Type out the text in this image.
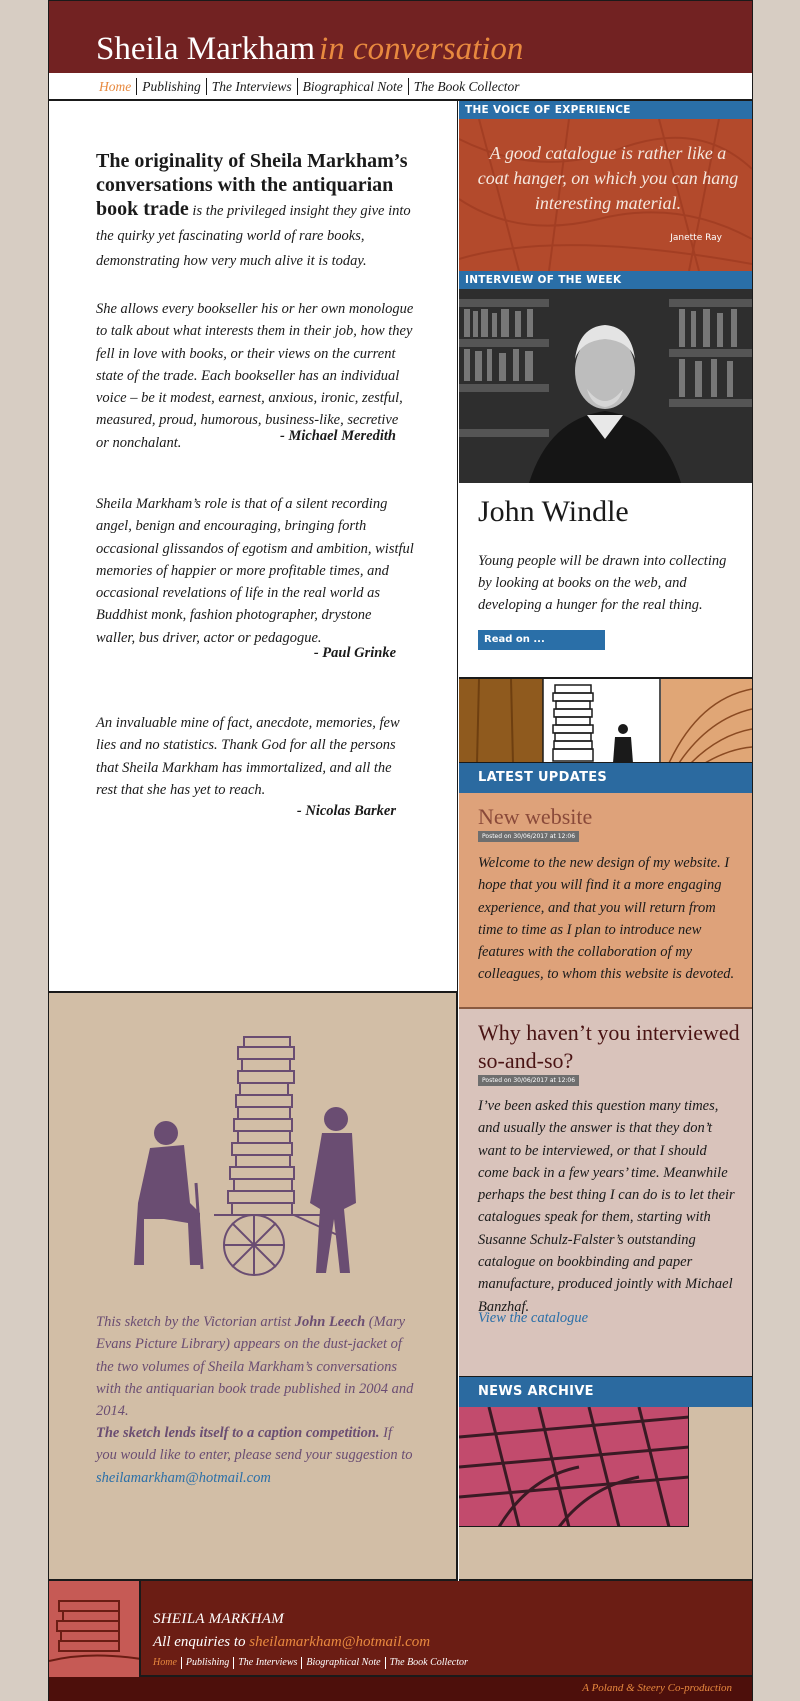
Sheila Markham in conversation
Home Publishing The Interviews Biographical Note The Book Collector
The originality of Sheila Markham’s conversations with the antiquarian book trade is the privileged insight they give into the quirky yet fascinating world of rare books, demonstrating how very much alive it is today.
She allows every bookseller his or her own monologue to talk about what interests them in their job, how they fell in love with books, or their views on the current state of the trade. Each bookseller has an individual voice – be it modest, earnest, anxious, ironic, zestful, measured, proud, humorous, business-like, secretive or nonchalant.	- Michael Meredith
Sheila Markham’s role is that of a silent recording angel, benign and encouraging, bringing forth occasional glissandos of egotism and ambition, wistful memories of happier or more profitable times, and occasional revelations of life in the real world as Buddhist monk, fashion photographer, drystone waller, bus driver, actor or pedagogue.
- Paul Grinke
An invaluable mine of fact, anecdote, memories, few lies and no statistics. Thank God for all the persons that Sheila Markham has immortalized, and all the rest that she has yet to reach.
- Nicolas Barker
This sketch by the Victorian artist John Leech (Mary Evans Picture Library) appears on the dust-jacket of the two volumes of Sheila Markham’s conversations with the antiquarian book trade published in 2004 and 2014.
The sketch lends itself to a caption competition. If you would like to enter, please send your suggestion to sheilamarkham@hotmail.com
THE VOICE OF EXPERIENCE
A good catalogue is rather like a coat hanger, on which you can hang interesting material.
Janette Ray
INTERVIEW OF THE WEEK
John Windle
Young people will be drawn into collecting by looking at books on the web, and developing a hunger for the real thing.
Read on ...
LATEST UPDATES
New website
Posted on 30/06/2017 at 12:06
Welcome to the new design of my website. I hope that you will find it a more engaging experience, and that you will return from time to time as I plan to introduce new features with the collaboration of my colleagues, to whom this website is devoted.
Why haven’t you interviewed so-and-so?
Posted on 30/06/2017 at 12:06
I’ve been asked this question many times, and usually the answer is that they don’t want to be interviewed, or that I should come back in a few years’ time. Meanwhile perhaps the best thing I can do is to let their catalogues speak for them, starting with Susanne Schulz-Falster’s outstanding catalogue on bookbinding and paper manufacture, produced jointly with Michael Banzhaf.
View the catalogue
NEWS ARCHIVE
SHEILA MARKHAM
All enquiries to sheilamarkham@hotmail.com
Home Publishing The Interviews Biographical Note The Book Collector
A Poland & Steery Co-production
